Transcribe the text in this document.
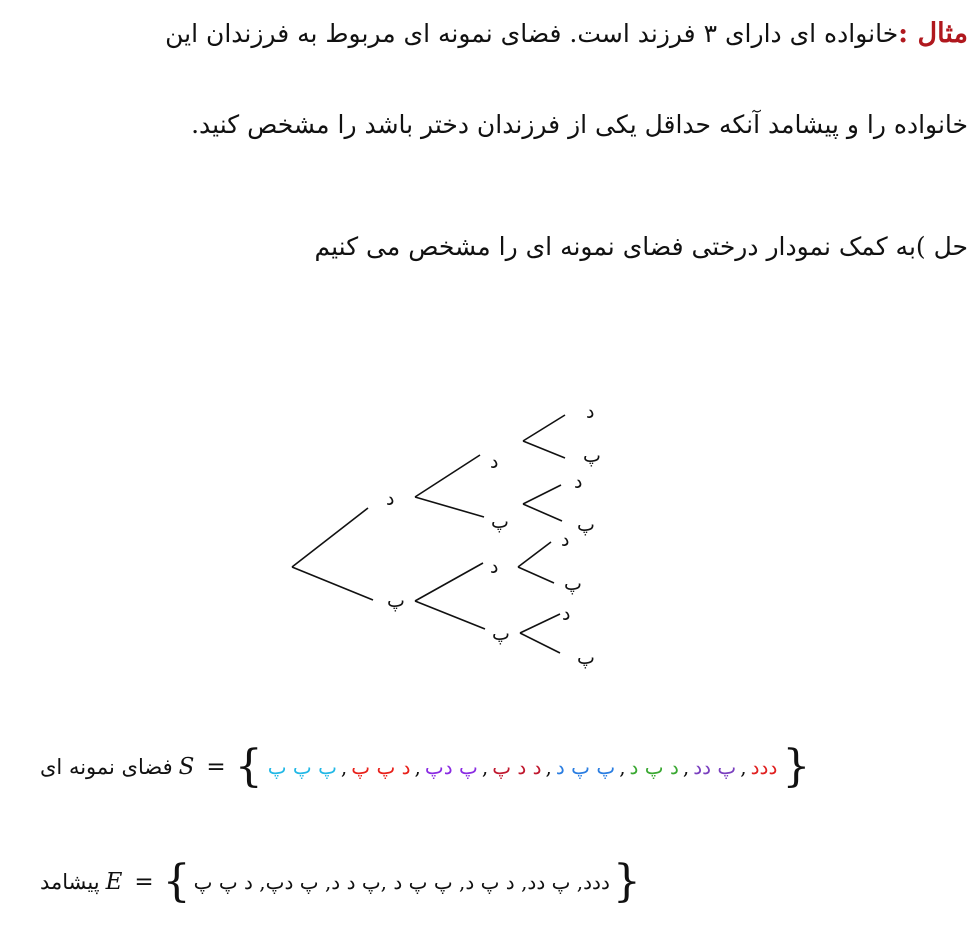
مثال :خانواده ای دارای ۳ فرزند است. فضای نمونه ای مربوط به فرزندان این
خانواده را و پیشامد آنکه حداقل یکی از فرزندان دختر باشد را مشخص کنید.
حل )به کمک نمودار درختی فضای نمونه ای را مشخص می کنیم
د
پ
د
پ
د
پ
د
پ
د
پ
د
پ
د
پ
فضای نمونه ای S = {	ددد,پ دد,د پ د,پ پ د,د د پ,پ دپ,د پ پ,پ پ پ	}
پیشامد E = { ددد, پ دد, د پ د, پ پ د ,پ د د, پ دپ, د پ پ }
